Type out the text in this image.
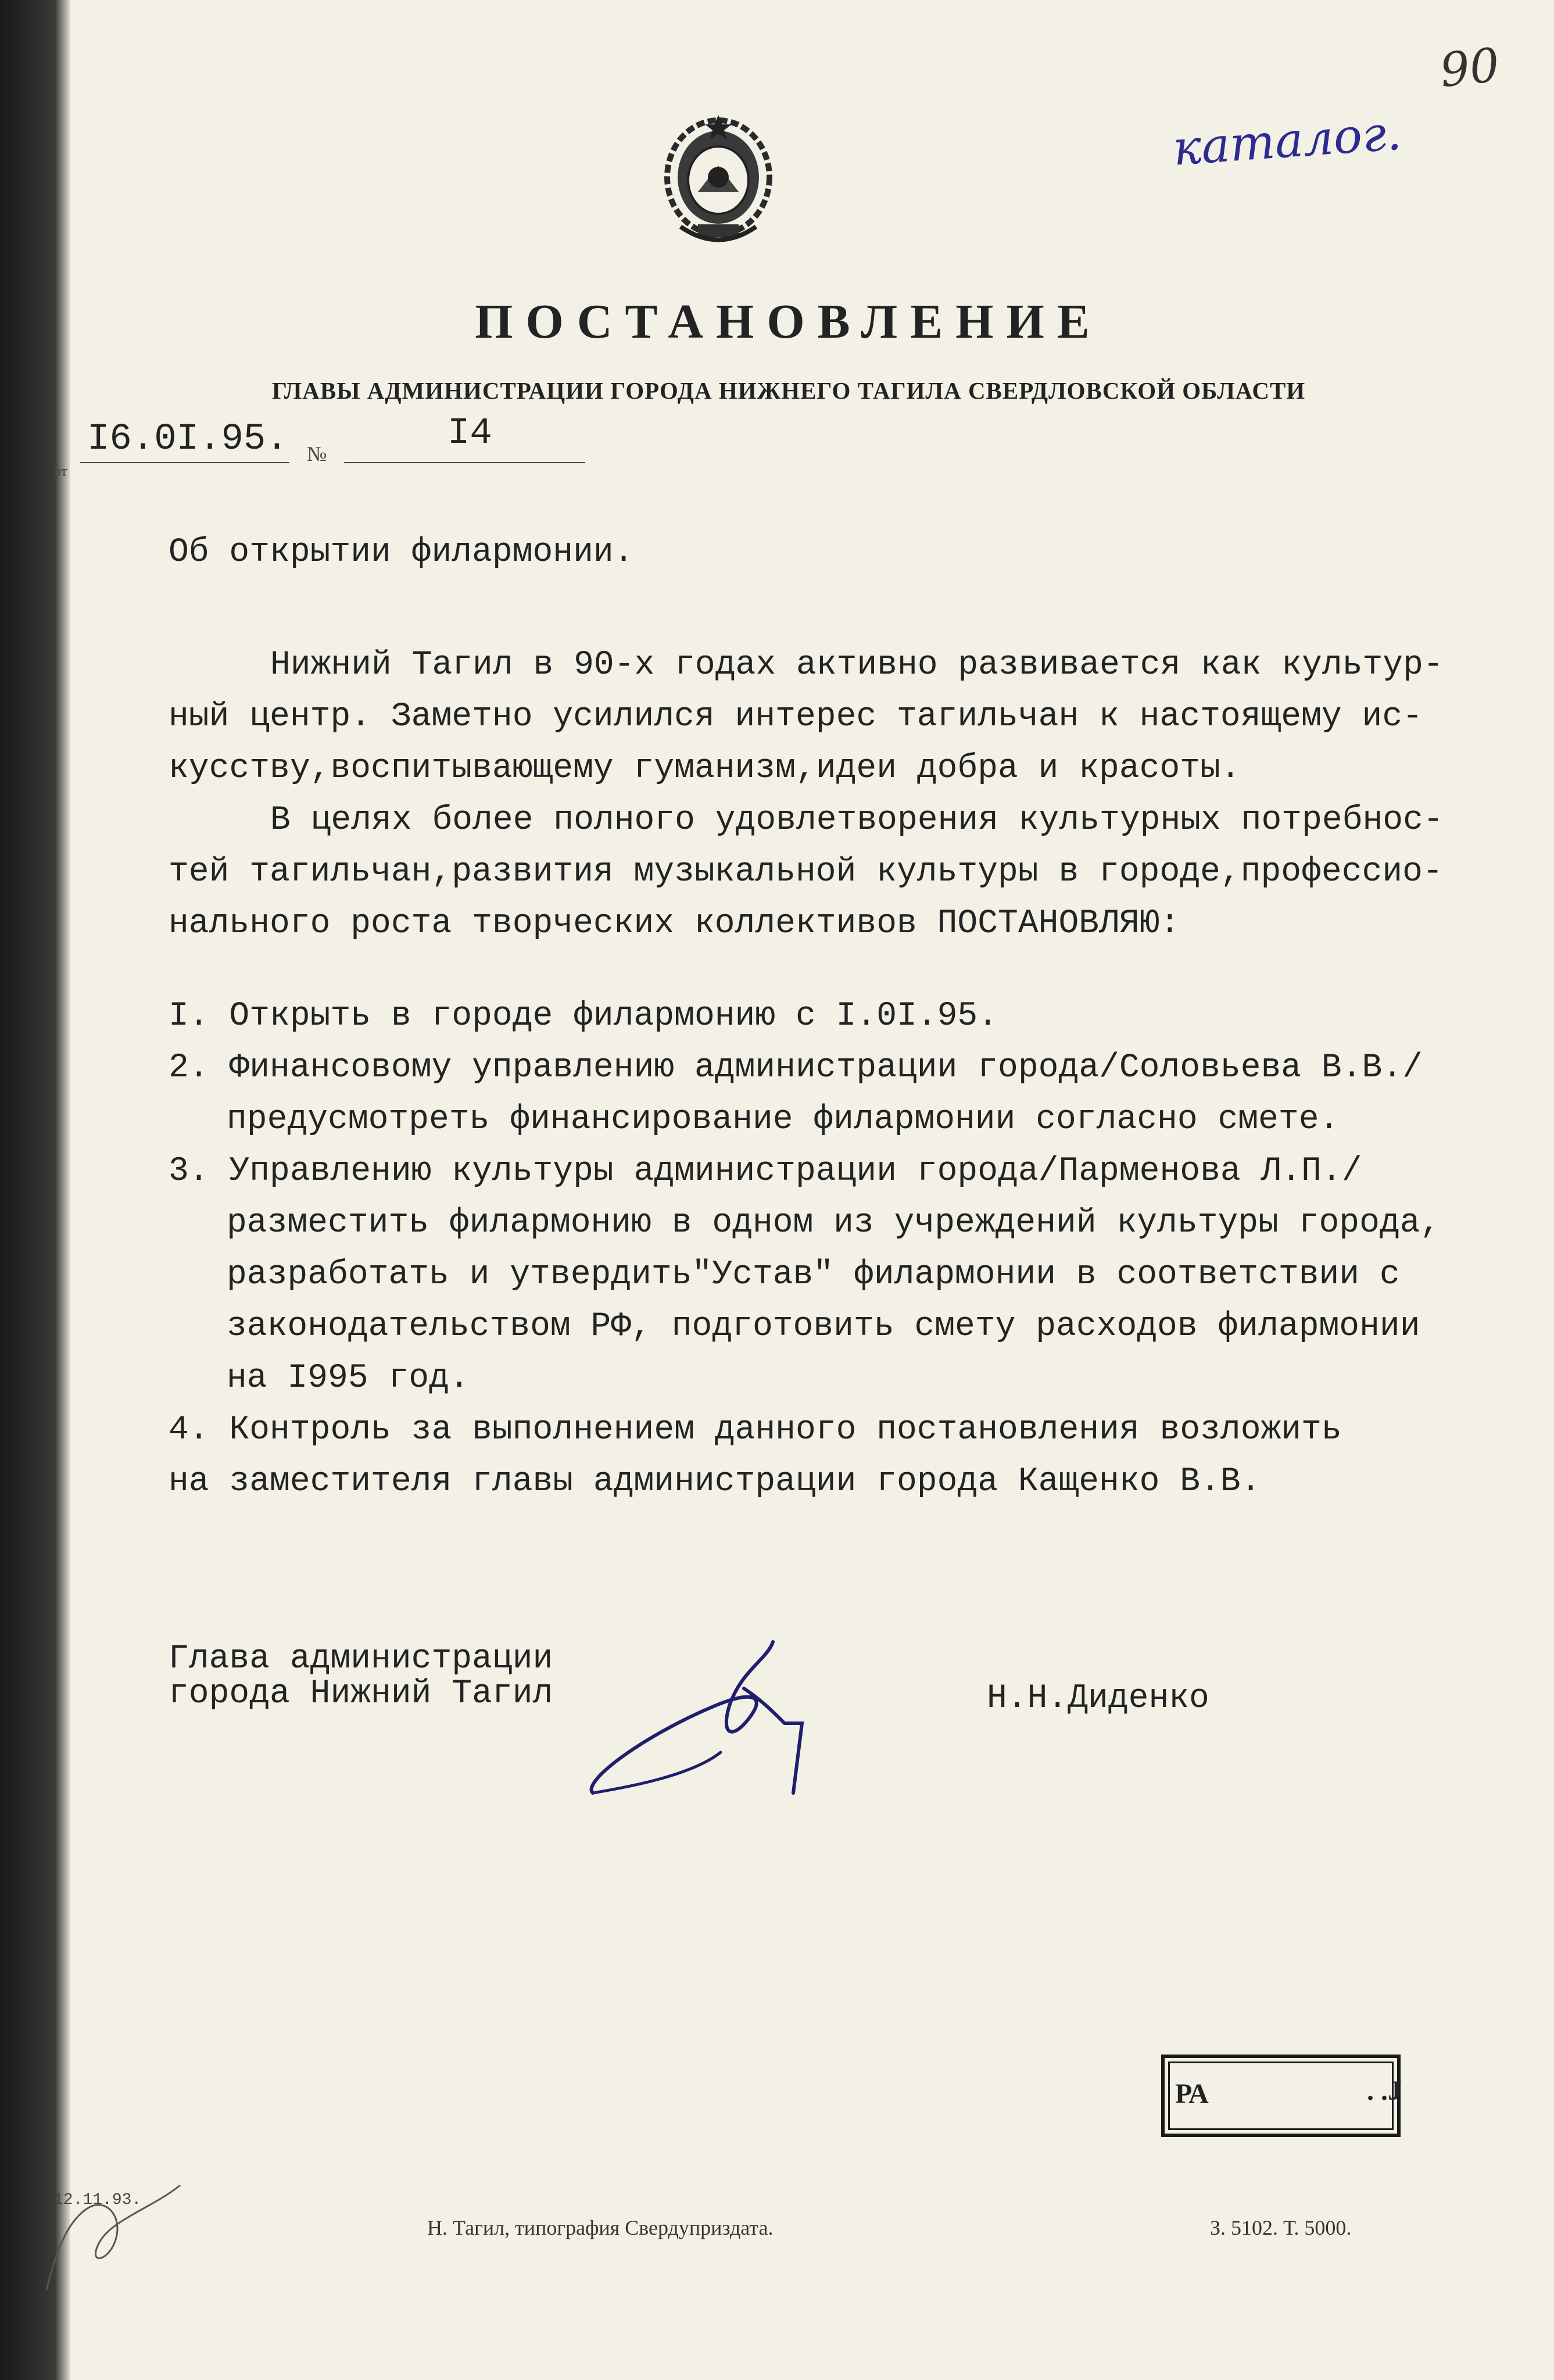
90
каталог.
ПОСТАНОВЛЕНИЕ
ГЛАВЫ АДМИНИСТРАЦИИ ГОРОДА НИЖНЕГО ТАГИЛА СВЕРДЛОВСКОЙ ОБЛАСТИ
от
I6.0I.95. №	I4
Об открытии филармонии.

Нижний Тагил в 90-х годах активно развивается как культур-

ный центр. Заметно усилился интерес тагильчан к настоящему ис-

кусству,воспитывающему гуманизм,идеи добра и красоты.

В целях более полного удовлетворения культурных потребнос-

тей тагильчан,развития музыкальной культуры в городе,профессио-

нального роста творческих коллективов ПОСТАНОВЛЯЮ:

I. Открыть в городе филармонию с I.0I.95.

2. Финансовому управлению администрации города/Соловьева В.В./

предусмотреть финансирование филармонии согласно смете.

3. Управлению культуры администрации города/Парменова Л.П./

разместить филармонию в одном из учреждений культуры города,

разработать и утвердить"Устав" филармонии в соответствии с

законодательством РФ, подготовить смету расходов филармонии

на I995 год.

4. Контроль за выполнением данного постановления возложить

на заместителя главы администрации города Кащенко В.В.

Глава администрации
города Нижний Тагил	Н.Н.Диденко
РА	. .J
12.11.93.
Н. Тагил, типография Свердуприздата.	З. 5102. Т. 5000.
